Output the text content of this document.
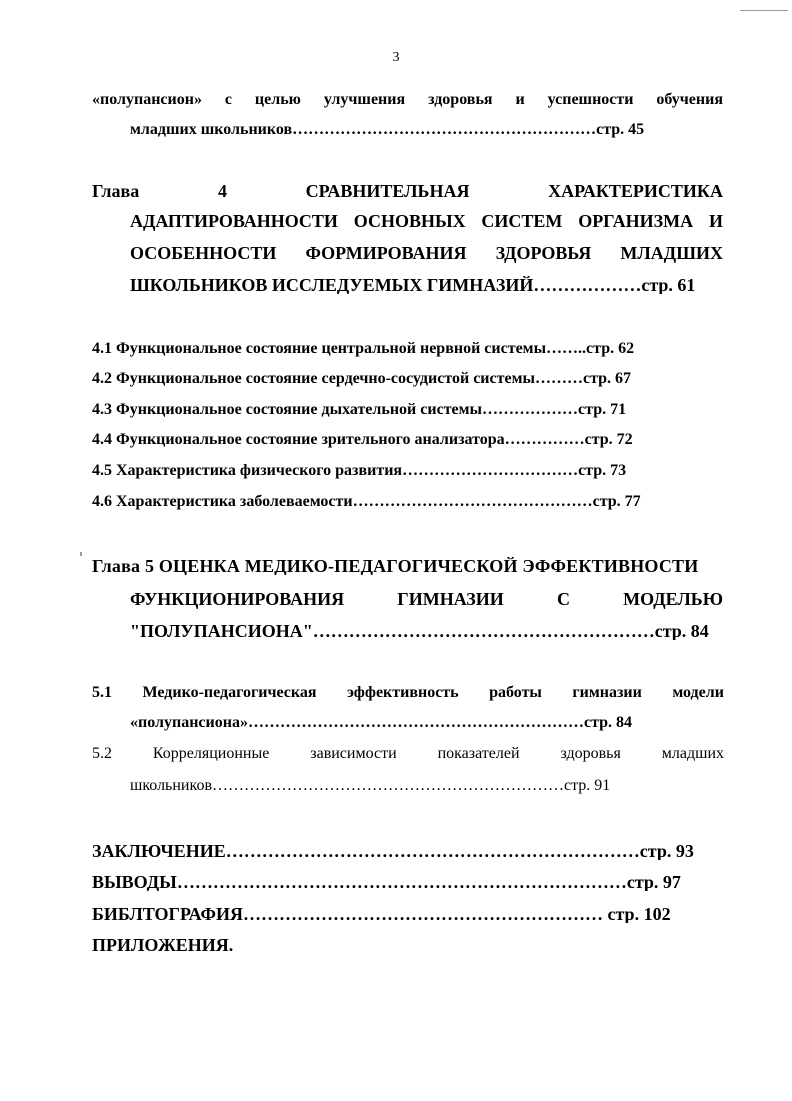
3
«полупансион» с целью улучшения здоровья и успешности обучения
младших школьников…………………………………………………стр. 45
Глава	4	СРАВНИТЕЛЬНАЯ	ХАРАКТЕРИСТИКА
АДАПТИРОВАННОСТИ ОСНОВНЫХ СИСТЕМ ОРГАНИЗМА И
ОСОБЕННОСТИ ФОРМИРОВАНИЯ ЗДОРОВЬЯ МЛАДШИХ
ШКОЛЬНИКОВ ИССЛЕДУЕМЫХ ГИМНАЗИЙ………………стр. 61
4.1 Функциональное состояние центральной нервной системы……..стр. 62
4.2 Функциональное состояние сердечно-сосудистой системы………стр. 67
4.3 Функциональное состояние дыхательной системы………………стр. 71
4.4 Функциональное состояние зрительного анализатора……………стр. 72
4.5 Характеристика физического развития……………………………стр. 73
4.6 Характеристика заболеваемости………………………………………стр. 77
Глава 5 ОЦЕНКА МЕДИКО-ПЕДАГОГИЧЕСКОЙ ЭФФЕКТИВНОСТИ
ФУНКЦИОНИРОВАНИЯ	ГИМНАЗИИ	С	МОДЕЛЬЮ
"ПОЛУПАНСИОНА"…………………………………………………стр. 84
5.1 Медико-педагогическая эффективность работы гимназии модели
«полупансиона»………………………………………………………стр. 84
5.2	Корреляционные	зависимости	показателей	здоровья	младших
школьников…………………………………………………………стр. 91
ЗАКЛЮЧЕНИЕ……………………………………………………………стр. 93
ВЫВОДЫ…………………………………………………………………стр. 97
БИБЛТОГРАФИЯ…………………………………………………… стр. 102
ПРИЛОЖЕНИЯ.
